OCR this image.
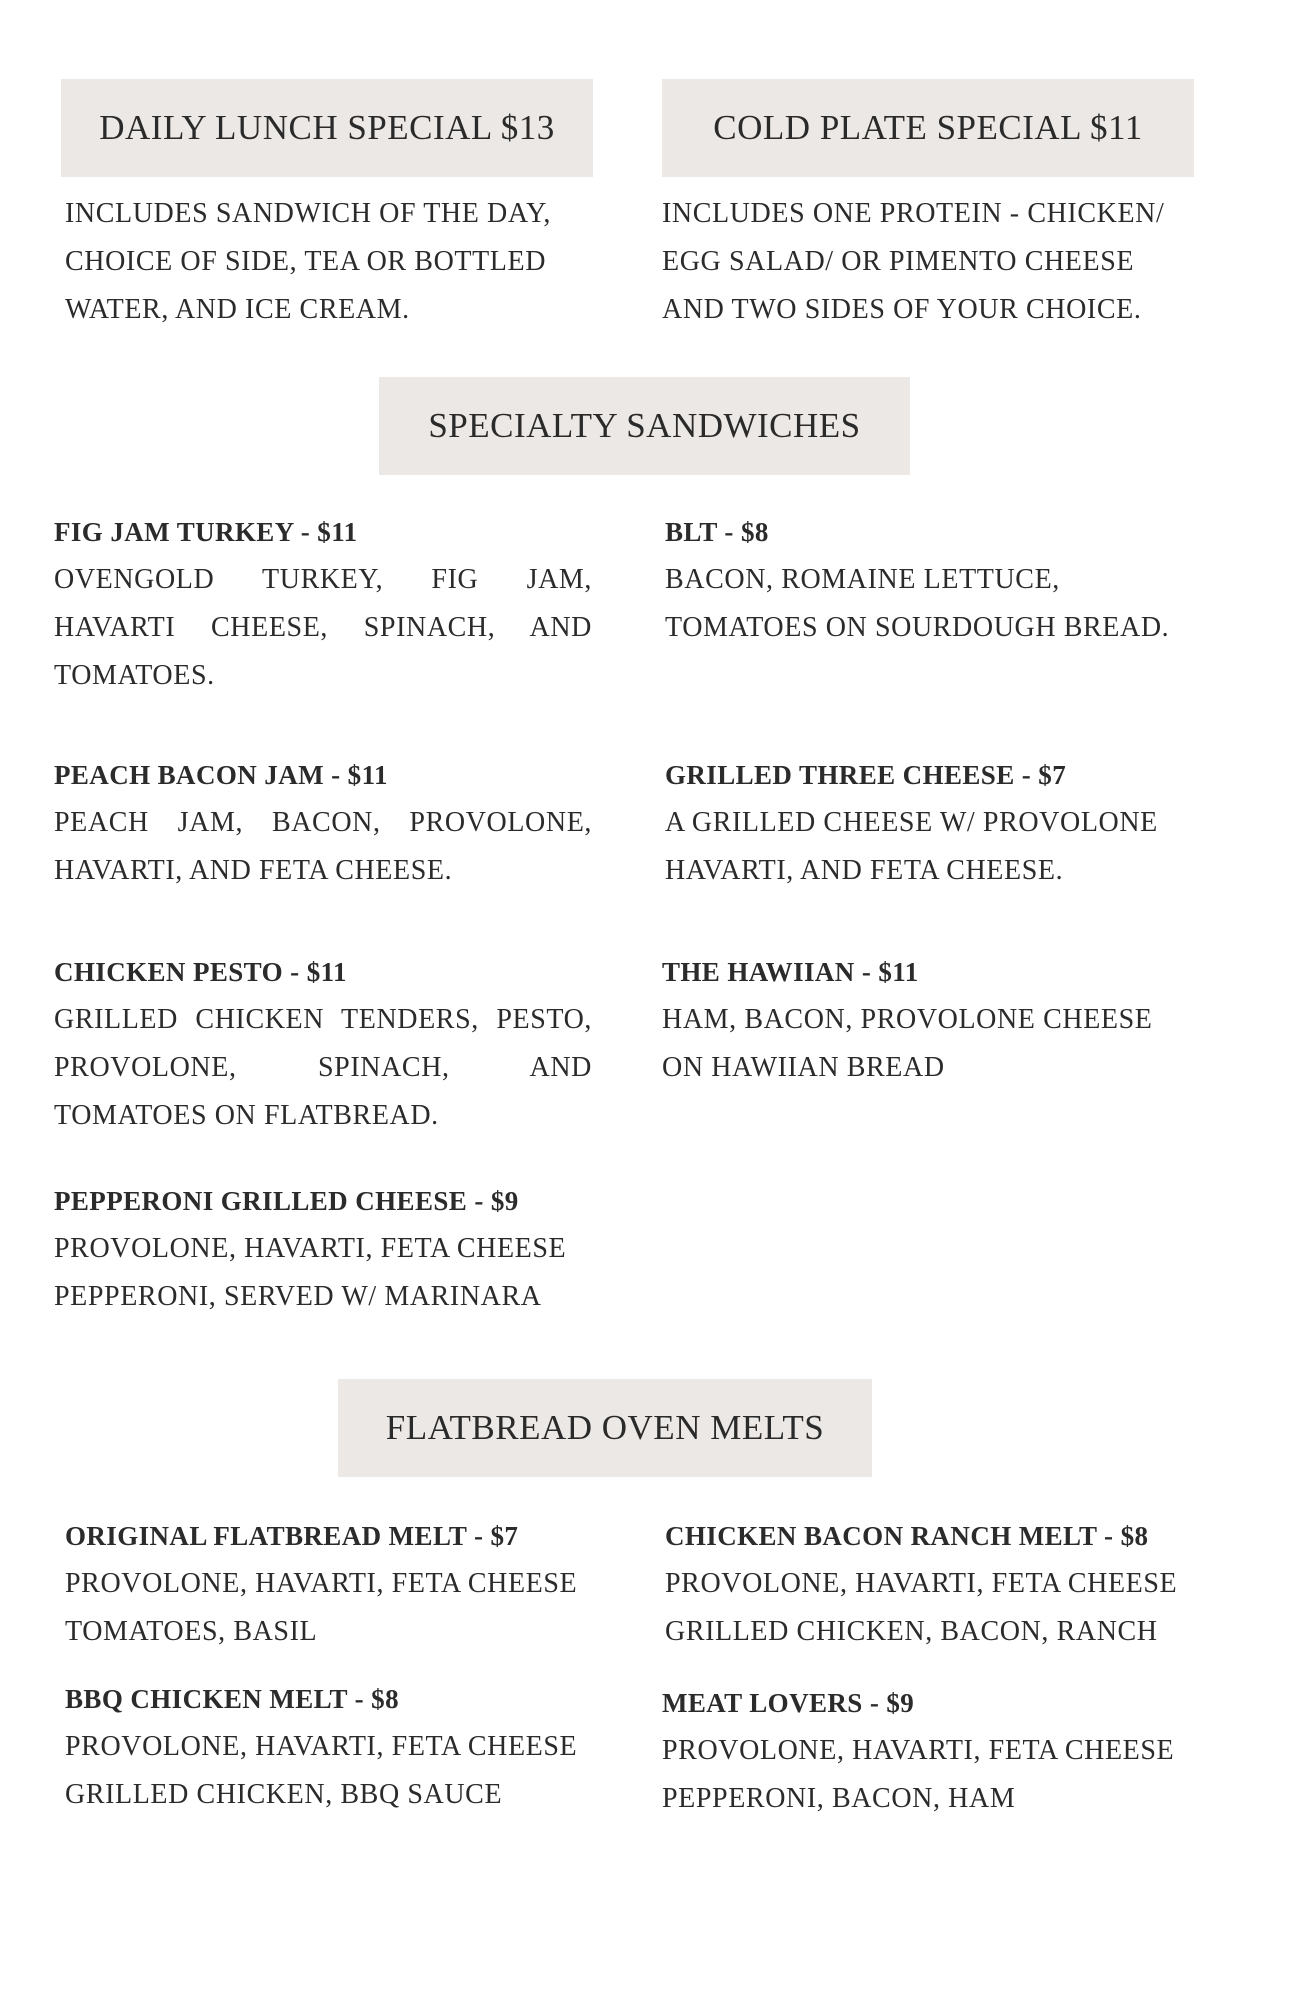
DAILY LUNCH SPECIAL $13

INCLUDES SANDWICH OF THE DAY,

CHOICE OF SIDE, TEA OR BOTTLED

WATER, AND ICE CREAM.

COLD PLATE SPECIAL $11

INCLUDES ONE PROTEIN - CHICKEN/

EGG SALAD/ OR PIMENTO CHEESE

AND TWO SIDES OF YOUR CHOICE.

SPECIALTY SANDWICHES
FIG JAM TURKEY - $11

OVENGOLD TURKEY, FIG JAM, HAVARTI CHEESE, SPINACH, AND TOMATOES.

BLT - $8

BACON, ROMAINE LETTUCE,

TOMATOES ON SOURDOUGH BREAD.

PEACH BACON JAM - $11

PEACH JAM, BACON, PROVOLONE, HAVARTI, AND FETA CHEESE.

GRILLED THREE CHEESE - $7

A GRILLED CHEESE W/ PROVOLONE

HAVARTI, AND FETA CHEESE.

CHICKEN PESTO - $11

GRILLED CHICKEN TENDERS, PESTO, PROVOLONE, SPINACH, AND TOMATOES ON FLATBREAD.

THE HAWIIAN - $11

HAM, BACON, PROVOLONE CHEESE

ON HAWIIAN BREAD

PEPPERONI GRILLED CHEESE - $9

PROVOLONE, HAVARTI, FETA CHEESE

PEPPERONI, SERVED W/ MARINARA

FLATBREAD OVEN MELTS
ORIGINAL FLATBREAD MELT - $7

PROVOLONE, HAVARTI, FETA CHEESE

TOMATOES, BASIL

CHICKEN BACON RANCH MELT - $8

PROVOLONE, HAVARTI, FETA CHEESE

GRILLED CHICKEN, BACON, RANCH

BBQ CHICKEN MELT - $8

PROVOLONE, HAVARTI, FETA CHEESE

GRILLED CHICKEN, BBQ SAUCE

MEAT LOVERS - $9

PROVOLONE, HAVARTI, FETA CHEESE

PEPPERONI, BACON, HAM
